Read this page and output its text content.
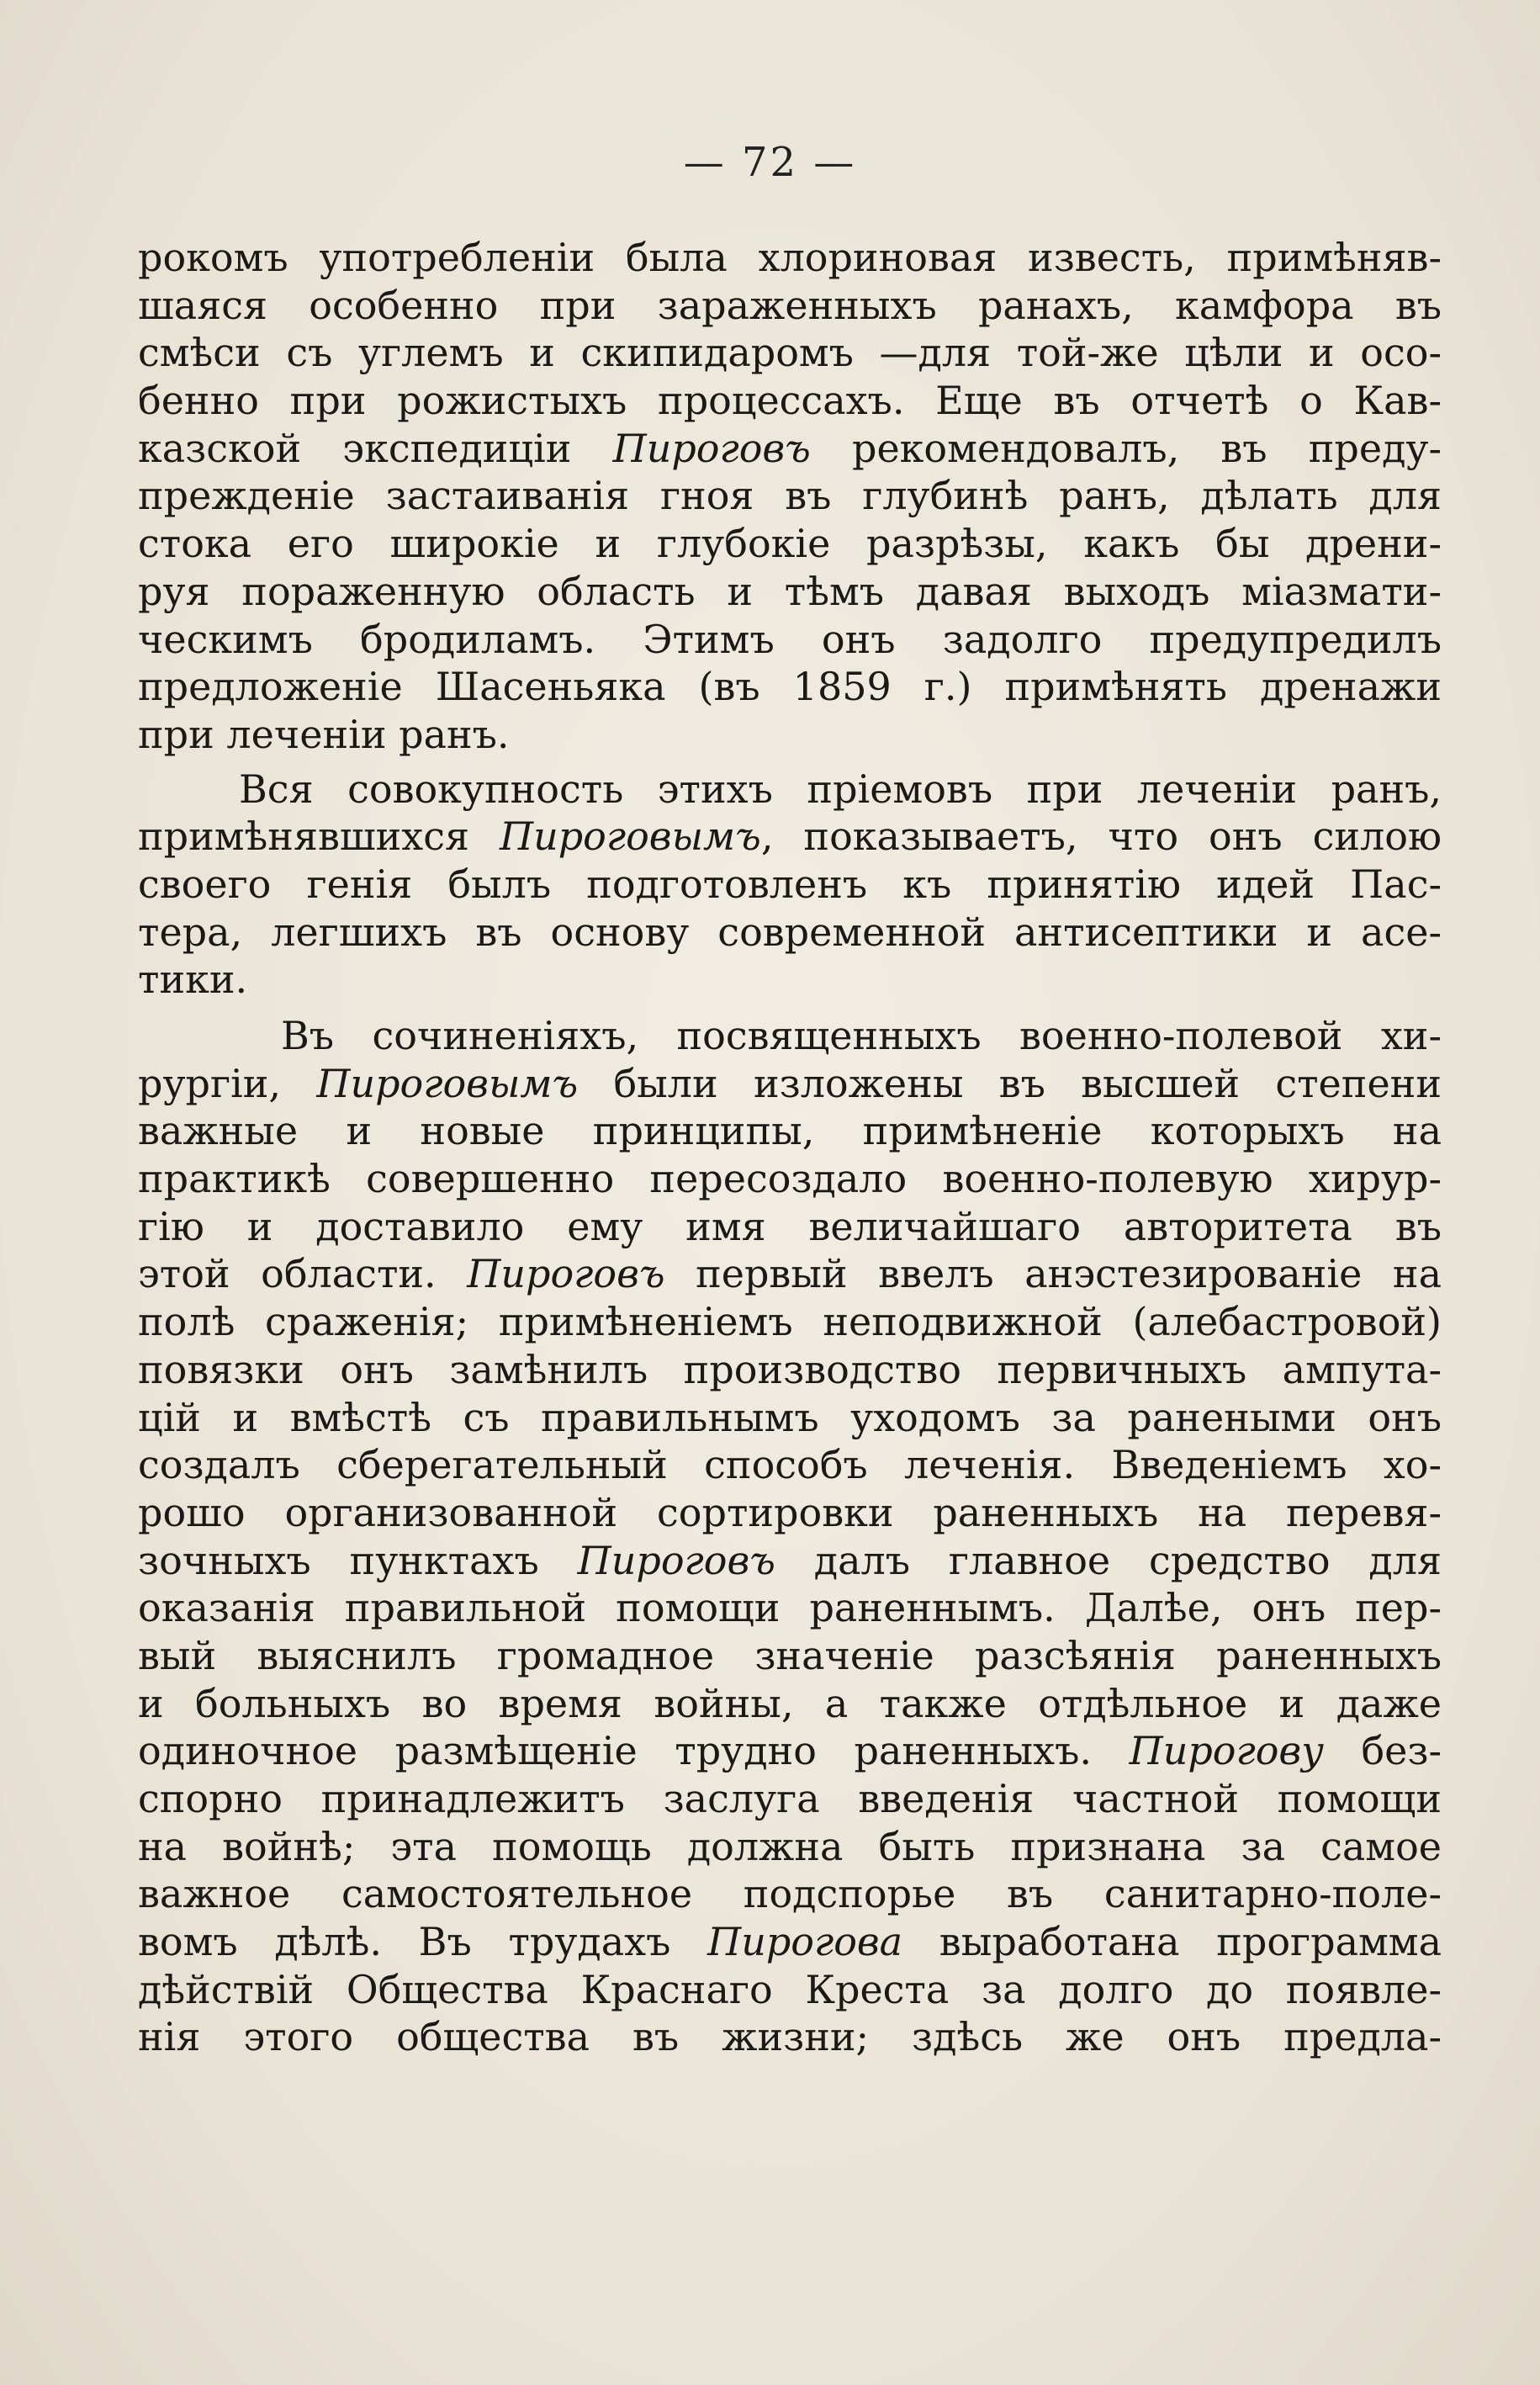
— 72 —
рокомъ употребленіи была хлориновая известь, примѣняв-
шаяся особенно при зараженныхъ ранахъ, камфора въ
смѣси съ углемъ и скипидаромъ —для той-же цѣли и осо-
бенно при рожистыхъ процессахъ. Еще въ отчетѣ о Кав-
казской экспедиціи Пироговъ рекомендовалъ, въ преду-
прежденіе застаиванія гноя въ глубинѣ ранъ, дѣлать для
стока его широкіе и глубокіе разрѣзы, какъ бы дрени-
руя пораженную область и тѣмъ давая выходъ міазмати-
ческимъ бродиламъ. Этимъ онъ задолго предупредилъ
предложеніе Шасеньяка (въ 1859 г.) примѣнять дренажи
при леченіи ранъ.
Вся совокупность этихъ пріемовъ при леченіи ранъ,
примѣнявшихся Пироговымъ, показываетъ, что онъ силою
своего генія былъ подготовленъ къ принятію идей Пас-
тера, легшихъ въ основу современной антисептики и асе-
тики.
Въ сочиненіяхъ, посвященныхъ военно-полевой хи-
рургіи, Пироговымъ были изложены въ высшей степени
важные и новые принципы, примѣненіе которыхъ на
практикѣ совершенно пересоздало военно-полевую хирур-
гію и доставило ему имя величайшаго авторитета въ
этой области. Пироговъ первый ввелъ анэстезированіе на
полѣ сраженія; примѣненіемъ неподвижной (алебастровой)
повязки онъ замѣнилъ производство первичныхъ ампута-
цій и вмѣстѣ съ правильнымъ уходомъ за ранеными онъ
создалъ сберегательный способъ леченія. Введеніемъ хо-
рошо организованной сортировки раненныхъ на перевя-
зочныхъ пунктахъ Пироговъ далъ главное средство для
оказанія правильной помощи раненнымъ. Далѣе, онъ пер-
вый выяснилъ громадное значеніе разсѣянія раненныхъ
и больныхъ во время войны, а также отдѣльное и даже
одиночное размѣщеніе трудно раненныхъ. Пирогову без-
спорно принадлежитъ заслуга введенія частной помощи
на войнѣ; эта помощь должна быть признана за самое
важное самостоятельное подспорье въ санитарно-поле-
вомъ дѣлѣ. Въ трудахъ Пирогова выработана программа
дѣйствій Общества Краснаго Креста за долго до появле-
нія этого общества въ жизни; здѣсь же онъ предла-
